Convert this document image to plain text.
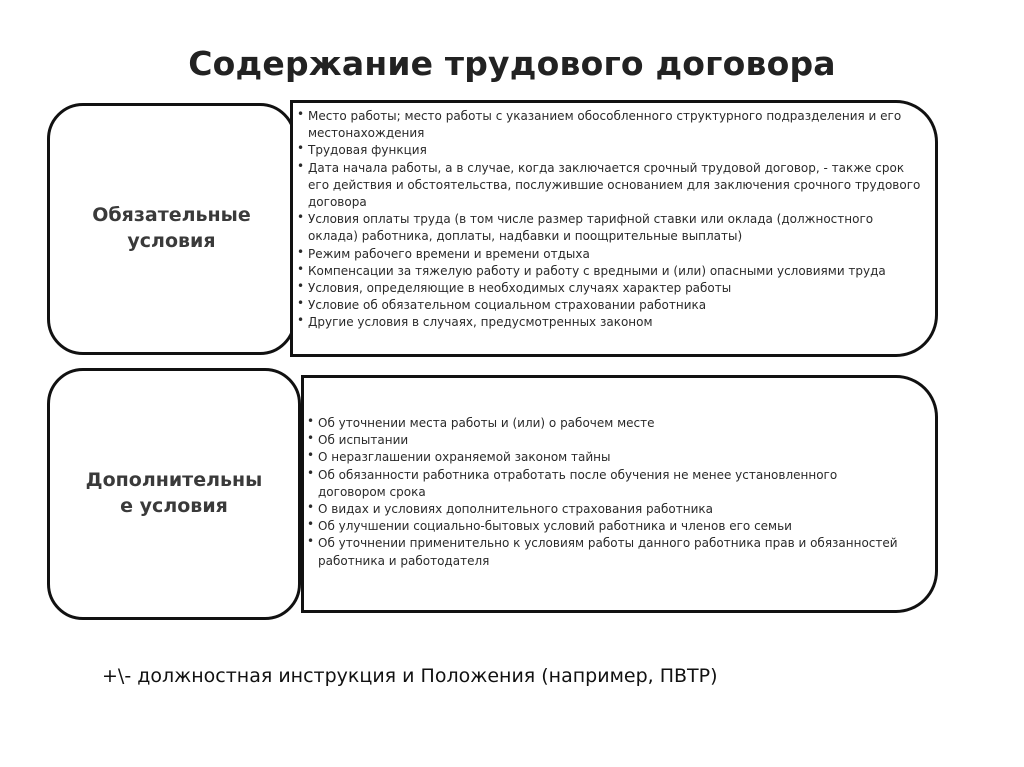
Содержание трудового договора
Обязательные
условия
• Место работы; место работы с указанием обособленного структурного подразделения и его местонахождения
• Трудовая функция
• Дата начала работы, а в случае, когда заключается срочный трудовой договор, - также срок его действия и обстоятельства, послужившие основанием для заключения срочного трудового договора
• Условия оплаты труда (в том числе размер тарифной ставки или оклада (должностного оклада) работника, доплаты, надбавки и поощрительные выплаты)
• Режим рабочего времени и времени отдыха
• Компенсации за тяжелую работу и работу с вредными и (или) опасными условиями труда
• Условия, определяющие в необходимых случаях характер работы
• Условие об обязательном социальном страховании работника
• Другие условия в случаях, предусмотренных законом
Дополнительны
е условия
• Об уточнении места работы и (или) о рабочем месте
• Об испытании
• О неразглашении охраняемой законом тайны
• Об обязанности работника отработать после обучения не менее установленного договором срока
• О видах и условиях дополнительного страхования работника
• Об улучшении социально-бытовых условий работника и членов его семьи
• Об уточнении применительно к условиям работы данного работника прав и обязанностей работника и работодателя
+\- должностная инструкция и Положения (например, ПВТР)
